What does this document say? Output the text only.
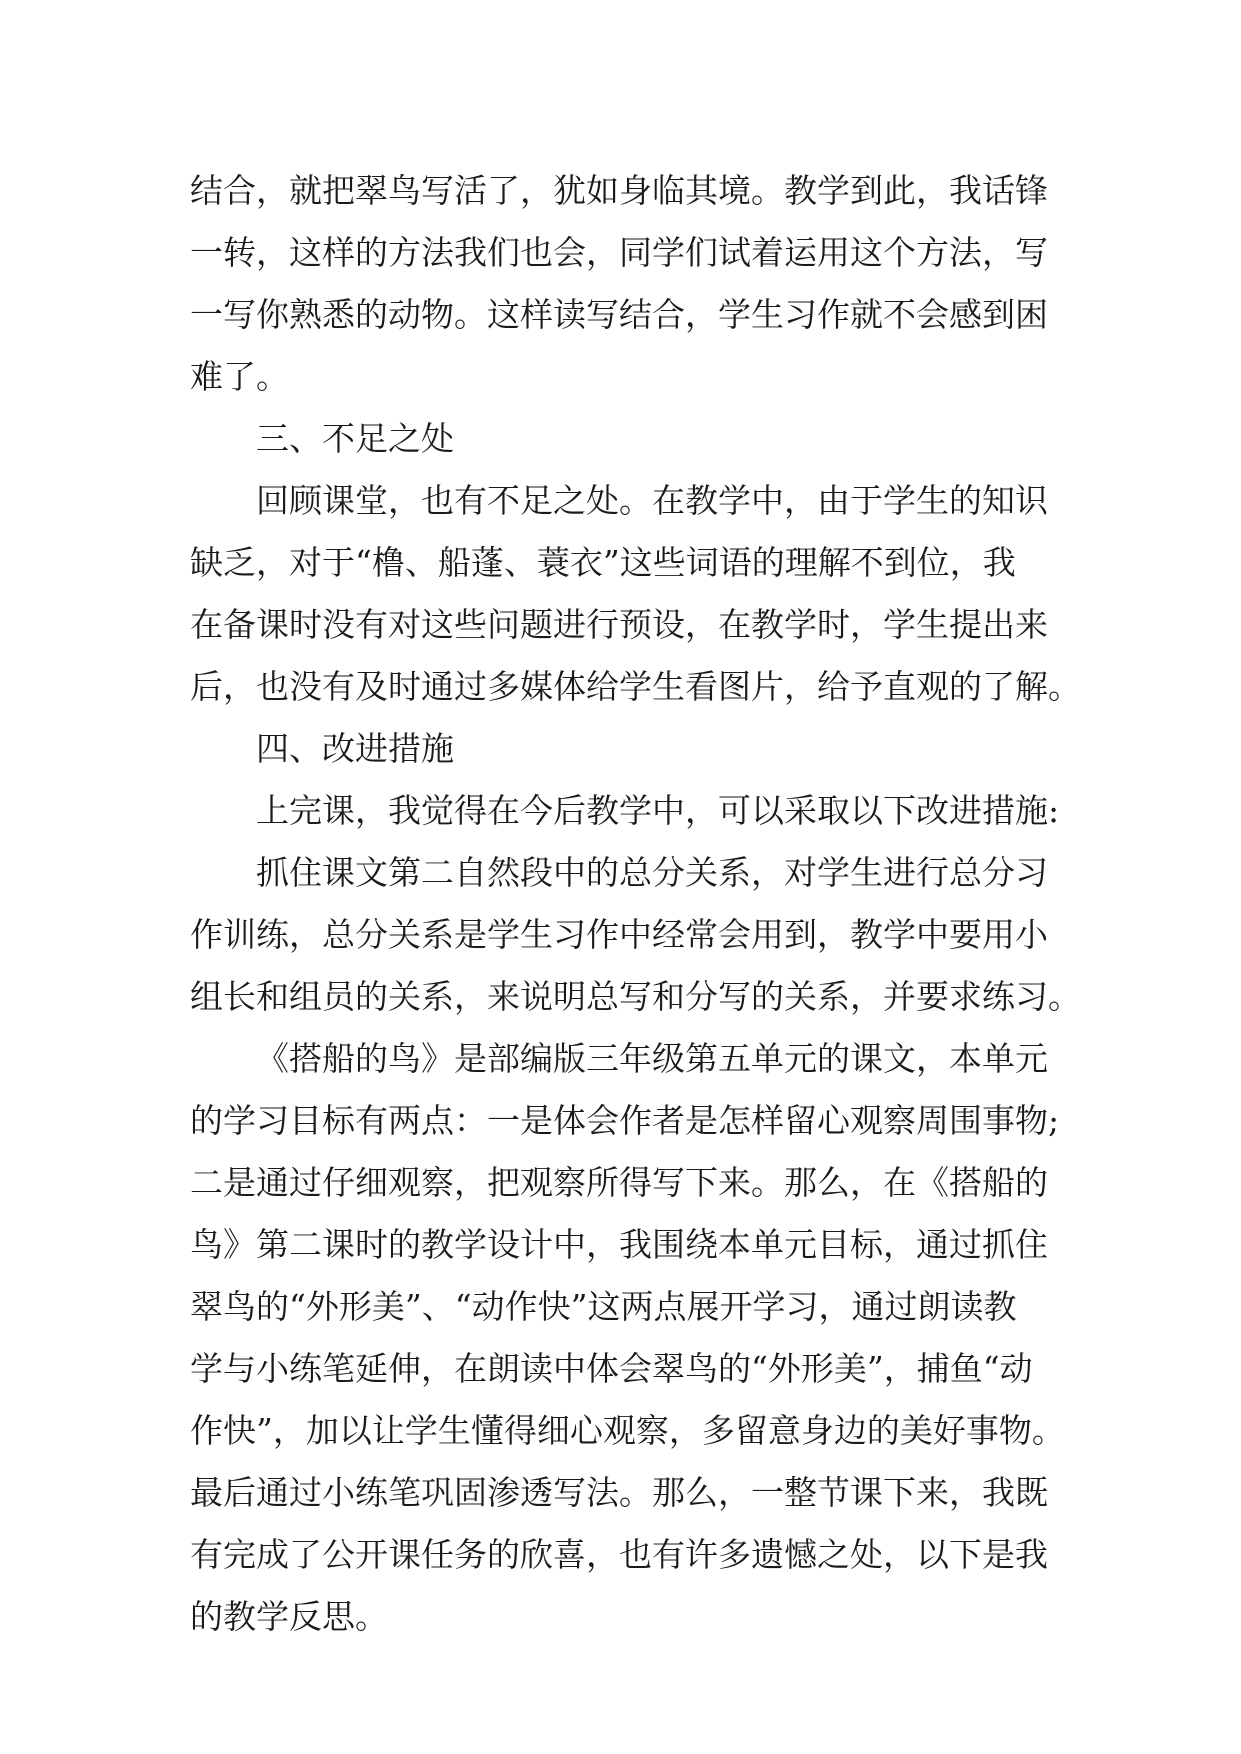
结合，就把翠鸟写活了，犹如身临其境。教学到此，我话锋
一转，这样的方法我们也会，同学们试着运用这个方法，写
一写你熟悉的动物。这样读写结合，学生习作就不会感到困
难了。
三、不足之处
回顾课堂，也有不足之处。在教学中，由于学生的知识
缺乏，对于“橹、船蓬、蓑衣”这些词语的理解不到位，我
在备课时没有对这些问题进行预设，在教学时，学生提出来
后，也没有及时通过多媒体给学生看图片，给予直观的了解。
四、改进措施
上完课，我觉得在今后教学中，可以采取以下改进措施:
抓住课文第二自然段中的总分关系，对学生进行总分习
作训练，总分关系是学生习作中经常会用到，教学中要用小
组长和组员的关系，来说明总写和分写的关系，并要求练习。
《搭船的鸟》是部编版三年级第五单元的课文，本单元
的学习目标有两点：一是体会作者是怎样留心观察周围事物;
二是通过仔细观察，把观察所得写下来。那么，在《搭船的
鸟》第二课时的教学设计中，我围绕本单元目标，通过抓住
翠鸟的“外形美”、“动作快”这两点展开学习，通过朗读教
学与小练笔延伸，在朗读中体会翠鸟的“外形美”，捕鱼“动
作快”，加以让学生懂得细心观察，多留意身边的美好事物。
最后通过小练笔巩固渗透写法。那么，一整节课下来，我既
有完成了公开课任务的欣喜，也有许多遗憾之处，以下是我
的教学反思。
